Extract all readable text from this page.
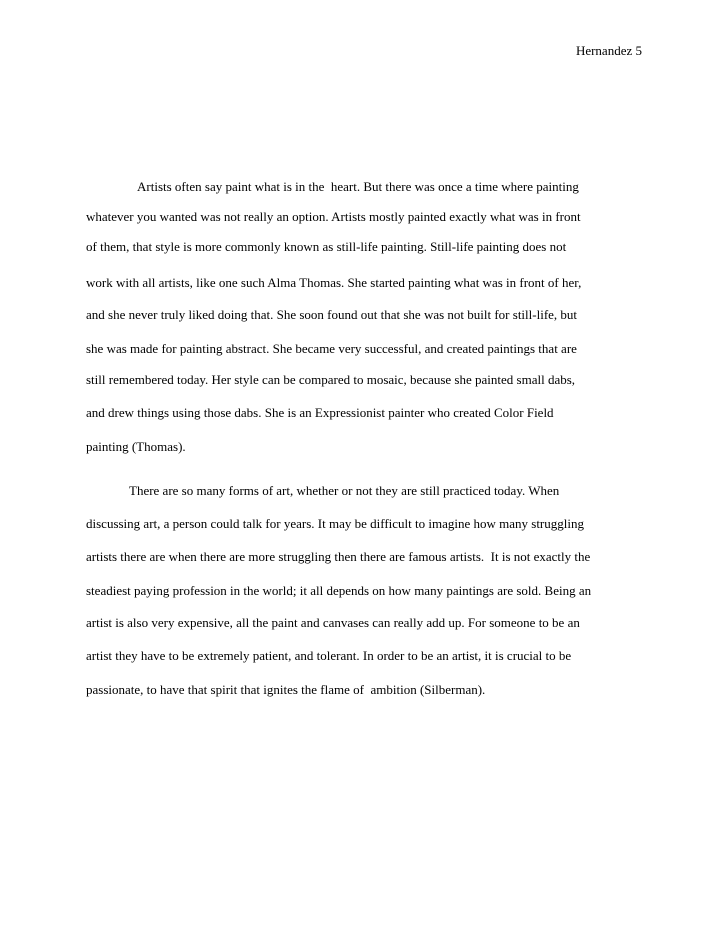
Hernandez 5
Artists often say paint what is in the  heart. But there was once a time where painting
whatever you wanted was not really an option. Artists mostly painted exactly what was in front
of them, that style is more commonly known as still-life painting. Still-life painting does not
work with all artists, like one such Alma Thomas. She started painting what was in front of her,
and she never truly liked doing that. She soon found out that she was not built for still-life, but
she was made for painting abstract. She became very successful, and created paintings that are
still remembered today. Her style can be compared to mosaic, because she painted small dabs,
and drew things using those dabs. She is an Expressionist painter who created Color Field
painting (Thomas).
There are so many forms of art, whether or not they are still practiced today. When
discussing art, a person could talk for years. It may be difficult to imagine how many struggling
artists there are when there are more struggling then there are famous artists.  It is not exactly the
steadiest paying profession in the world; it all depends on how many paintings are sold. Being an
artist is also very expensive, all the paint and canvases can really add up. For someone to be an
artist they have to be extremely patient, and tolerant. In order to be an artist, it is crucial to be
passionate, to have that spirit that ignites the flame of  ambition (Silberman).
